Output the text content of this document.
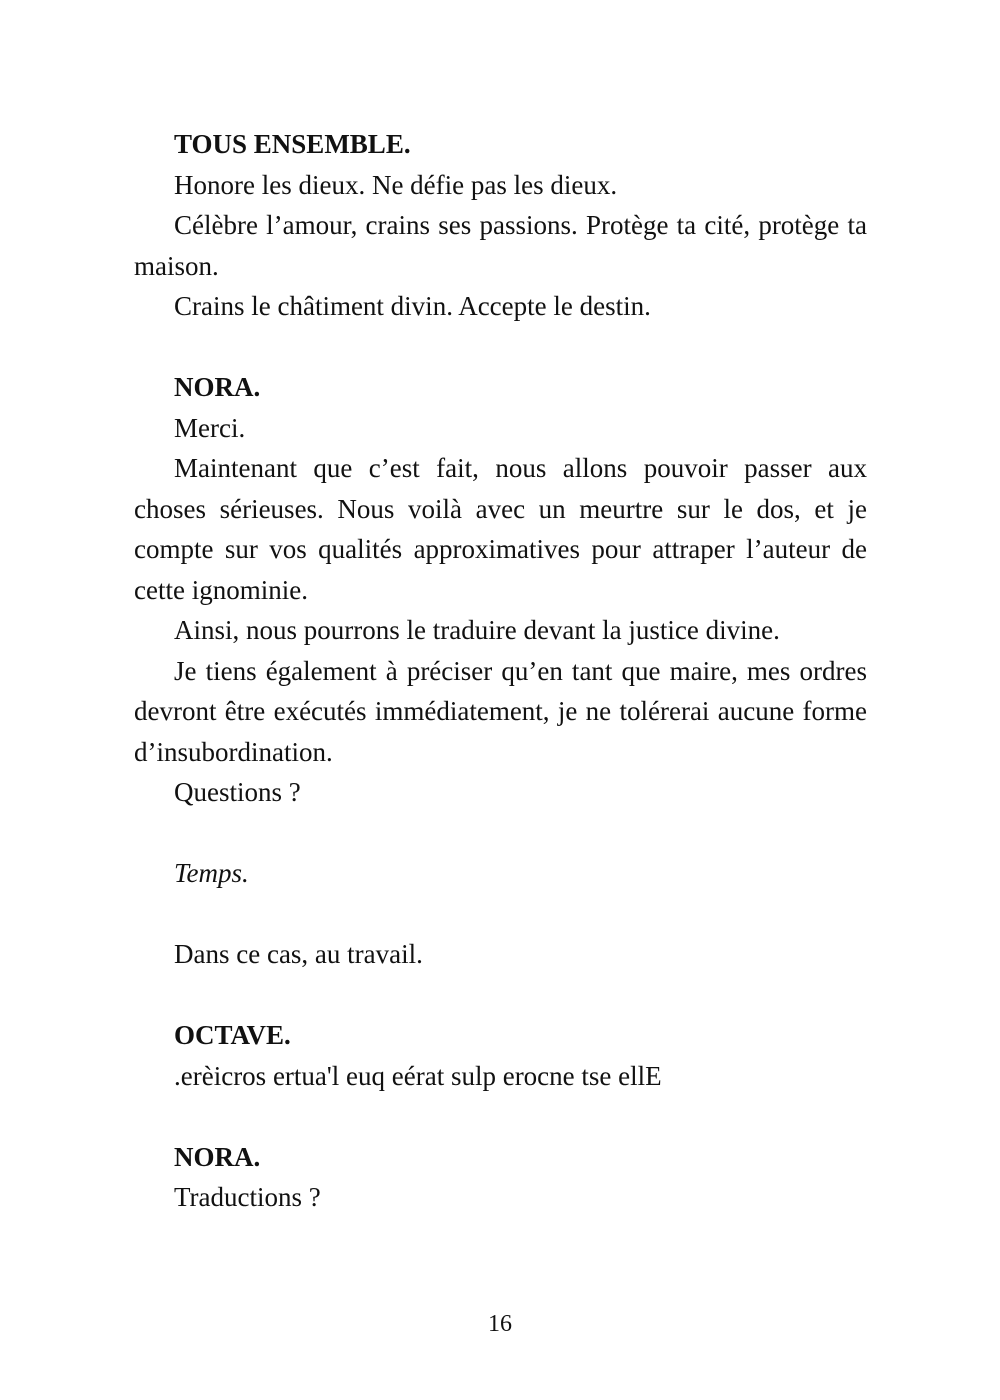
TOUS ENSEMBLE.

Honore les dieux. Ne défie pas les dieux.

Célèbre l’amour, crains ses passions. Protège ta cité, protège ta maison.

Crains le châtiment divin. Accepte le destin.

NORA.

Merci.

Maintenant que c’est fait, nous allons pouvoir passer aux choses sérieuses. Nous voilà avec un meurtre sur le dos, et je compte sur vos qualités approximatives pour attraper l’auteur de cette ignominie.

Ainsi, nous pourrons le traduire devant la justice divine.

Je tiens également à préciser qu’en tant que maire, mes ordres devront être exécutés immédiatement, je ne tolérerai aucune forme d’insubordination.

Questions ?

Temps.

Dans ce cas, au travail.

OCTAVE.

.erèicros ertua'l euq eérat sulp erocne tse ellE

NORA.

Traductions ?

16
